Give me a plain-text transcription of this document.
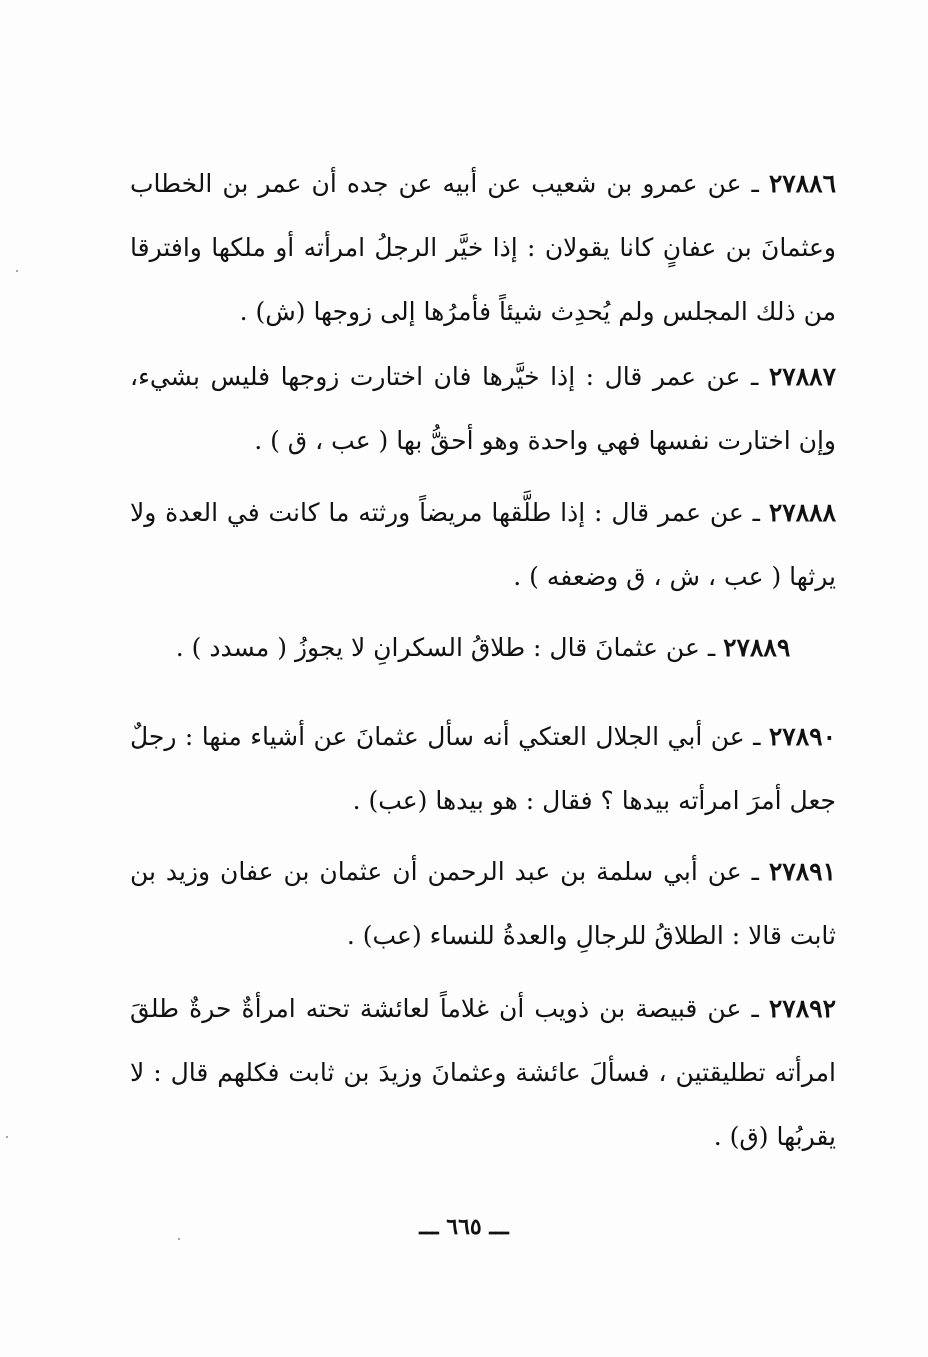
٢٧٨٨٦ ـ عن عمرو بن شعيب عن أبيه عن جده أن عمر بن الخطاب وعثمانَ بن عفانٍ كانا يقولان : إذا خيَّر الرجلُ امرأته أو ملكها وافترقا من ذلك المجلس ولم يُحدِث شيئاً فأمرُها إلى زوجها (ش) .
٢٧٨٨٧ ـ عن عمر قال : إذا خيَّرها فان اختارت زوجها فليس بشيء، وإن اختارت نفسها فهي واحدة وهو أحقُّ بها ( عب ، ق ) .
٢٧٨٨٨ ـ عن عمر قال : إذا طلَّقها مريضاً ورثته ما كانت في العدة ولا يرثها ( عب ، ش ، ق وضعفه ) .
٢٧٨٨٩ ـ عن عثمانَ قال : طلاقُ السكرانِ لا يجوزُ ( مسدد ) .
٢٧٨٩٠ ـ عن أبي الجلال العتكي أنه سأل عثمانَ عن أشياء منها : رجلٌ جعل أمرَ امرأته بيدها ؟ فقال : هو بيدها (عب) .
٢٧٨٩١ ـ عن أبي سلمة بن عبد الرحمن أن عثمان بن عفان وزيد بن ثابت قالا : الطلاقُ للرجالِ والعدةُ للنساء (عب) .
٢٧٨٩٢ ـ عن قبيصة بن ذويب أن غلاماً لعائشة تحته امرأةٌ حرةٌ طلقَ امرأته تطليقتين ، فسألَ عائشة وعثمانَ وزيدَ بن ثابت فكلهم قال : لا يقربُها (ق) .
ـــ ٦٦٥ ـــ
